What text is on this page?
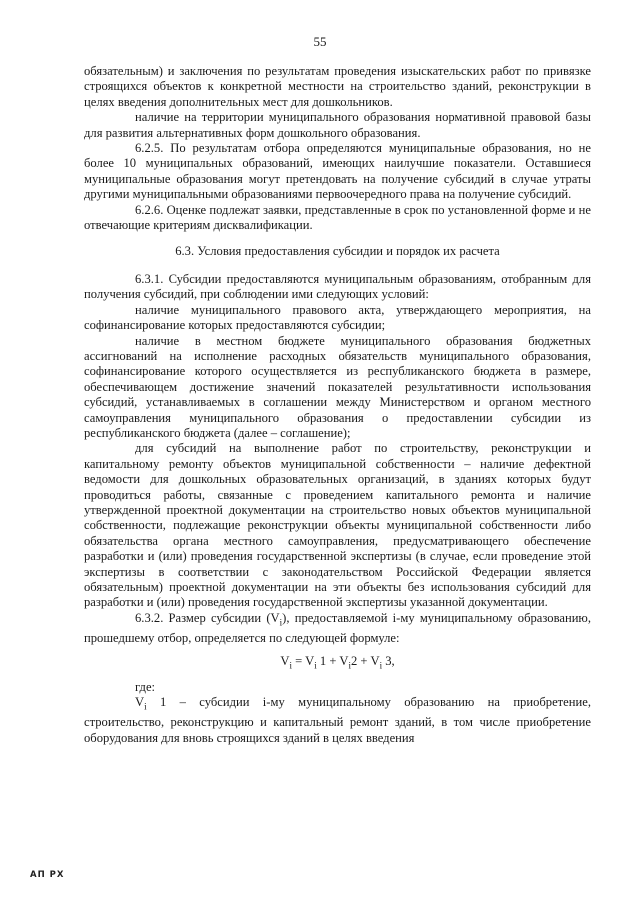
55

обязательным) и заключения по результатам проведения изыскательских работ по привязке строящихся объектов к конкретной местности на строительство зданий, реконструкции в целях введения дополнительных мест для дошкольников.

наличие на территории муниципального образования нормативной правовой базы для развития альтернативных форм дошкольного образования.

6.2.5. По результатам отбора определяются муниципальные образования, но не более 10 муниципальных образований, имеющих наилучшие показатели. Оставшиеся муниципальные образования могут претендовать на получение субсидий в случае утраты другими муниципальными образованиями первоочередного права на получение субсидий.

6.2.6. Оценке подлежат заявки, представленные в срок по установленной форме и не отвечающие критериям дисквалификации.

6.3. Условия предоставления субсидии и порядок их расчета

6.3.1. Субсидии предоставляются муниципальным образованиям, отобранным для получения субсидий, при соблюдении ими следующих условий:

наличие муниципального правового акта, утверждающего мероприятия, на софинансирование которых предоставляются субсидии;

наличие в местном бюджете муниципального образования бюджетных ассигнований на исполнение расходных обязательств муниципального образования, софинансирование которого осуществляется из республиканского бюджета в размере, обеспечивающем достижение значений показателей результативности использования субсидий, устанавливаемых в соглашении между Министерством и органом местного самоуправления муниципального образования о предоставлении субсидии из республиканского бюджета (далее – соглашение);

для субсидий на выполнение работ по строительству, реконструкции и капитальному ремонту объектов муниципальной собственности – наличие дефектной ведомости для дошкольных образовательных организаций, в зданиях которых будут проводиться работы, связанные с проведением капитального ремонта и наличие утвержденной проектной документации на строительство новых объектов муниципальной собственности, подлежащие реконструкции объекты муниципальной собственности либо обязательства органа местного самоуправления, предусматривающего обеспечение разработки и (или) проведения государственной экспертизы (в случае, если проведение этой экспертизы в соответствии с законодательством Российской Федерации является обязательным) проектной документации на эти объекты без использования субсидий для разработки и (или) проведения государственной экспертизы указанной документации.

6.3.2. Размер субсидии $(V_i)$, предоставляемой i-му муниципальному образованию, прошедшему отбор, определяется по следующей формуле:

$V_i = V_i$ $1 + V_i2 + V_i$ 3,

где:

$V_i$ 1 – субсидии i-му муниципальному образованию на приобретение, строительство, реконструкцию и капитальный ремонт зданий, в том числе приобретение оборудования для вновь строящихся зданий в целях введения

АП РХ
